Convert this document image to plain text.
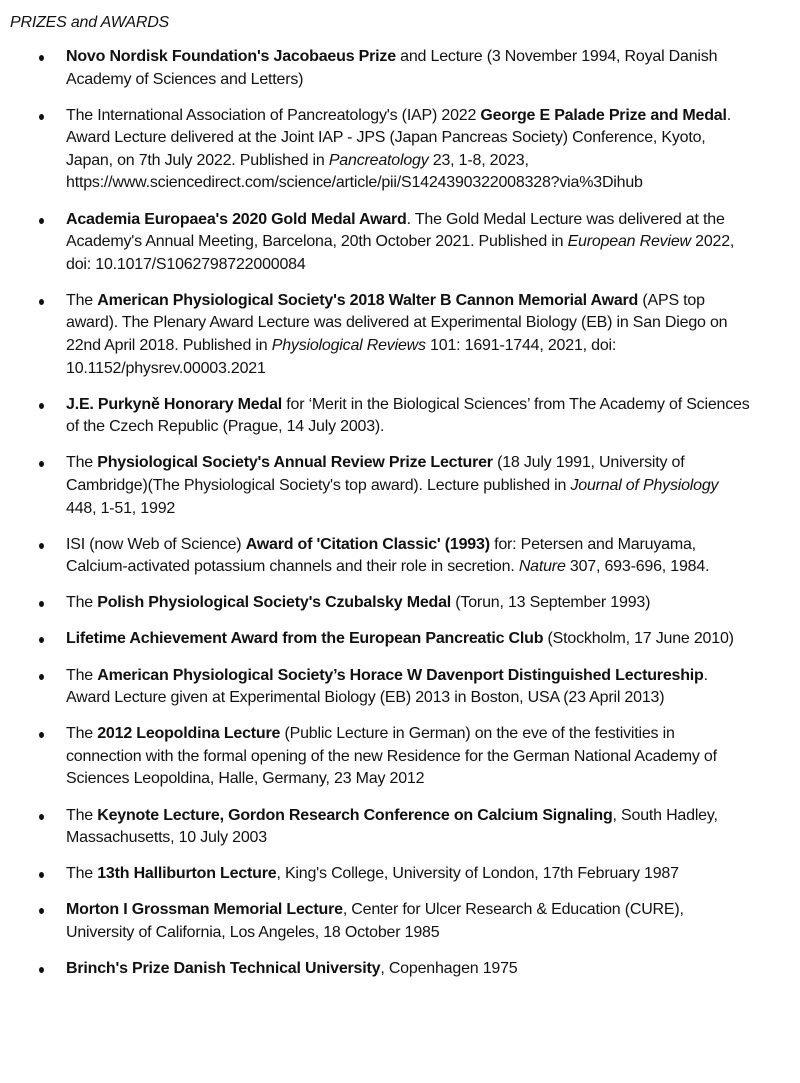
PRIZES and AWARDS
Novo Nordisk Foundation's Jacobaeus Prize and Lecture (3 November 1994, Royal Danish Academy of Sciences and Letters)
The International Association of Pancreatology's (IAP) 2022 George E Palade Prize and Medal. Award Lecture delivered at the Joint IAP - JPS (Japan Pancreas Society) Conference, Kyoto, Japan, on 7th July 2022. Published in Pancreatology 23, 1-8, 2023, https://www.sciencedirect.com/science/article/pii/S1424390322008328?via%3Dihub
Academia Europaea's 2020 Gold Medal Award. The Gold Medal Lecture was delivered at the Academy's Annual Meeting, Barcelona, 20th October 2021. Published in European Review 2022, doi: 10.1017/S1062798722000084
The American Physiological Society's 2018 Walter B Cannon Memorial Award (APS top award). The Plenary Award Lecture was delivered at Experimental Biology (EB) in San Diego on 22nd April 2018. Published in Physiological Reviews 101: 1691-1744, 2021, doi: 10.1152/physrev.00003.2021
J.E. Purkyně Honorary Medal for ‘Merit in the Biological Sciences’ from The Academy of Sciences of the Czech Republic (Prague, 14 July 2003).
The Physiological Society's Annual Review Prize Lecturer (18 July 1991, University of Cambridge)(The Physiological Society's top award). Lecture published in Journal of Physiology 448, 1-51, 1992
ISI (now Web of Science) Award of 'Citation Classic' (1993) for: Petersen and Maruyama, Calcium-activated potassium channels and their role in secretion. Nature 307, 693-696, 1984.
The Polish Physiological Society's Czubalsky Medal (Torun, 13 September 1993)
Lifetime Achievement Award from the European Pancreatic Club (Stockholm, 17 June 2010)
The American Physiological Society’s Horace W Davenport Distinguished Lectureship. Award Lecture given at Experimental Biology (EB) 2013 in Boston, USA (23 April 2013)
The 2012 Leopoldina Lecture (Public Lecture in German) on the eve of the festivities in connection with the formal opening of the new Residence for the German National Academy of Sciences Leopoldina, Halle, Germany, 23 May 2012
The Keynote Lecture, Gordon Research Conference on Calcium Signaling, South Hadley, Massachusetts, 10 July 2003
The 13th Halliburton Lecture, King's College, University of London, 17th February 1987
Morton I Grossman Memorial Lecture, Center for Ulcer Research & Education (CURE), University of California, Los Angeles, 18 October 1985
Brinch's Prize Danish Technical University, Copenhagen 1975
